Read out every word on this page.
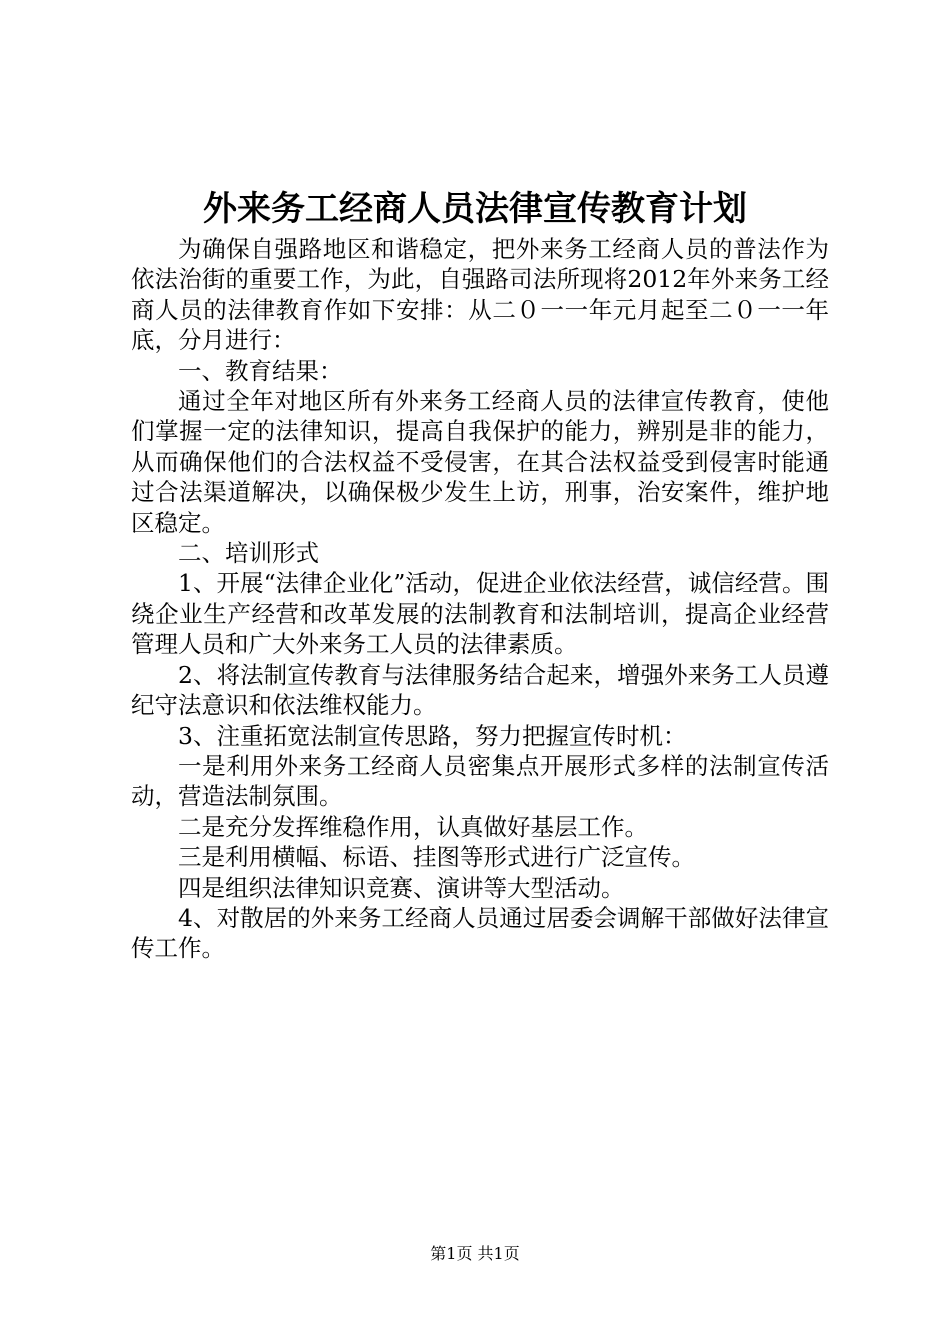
外来务工经商人员法律宣传教育计划

为确保自强路地区和谐稳定，把外来务工经商人员的普法作为依法治街的重要工作，为此，自强路司法所现将2012年外来务工经商人员的法律教育作如下安排：从二０一一年元月起至二０一一年底，分月进行：

一、教育结果：

通过全年对地区所有外来务工经商人员的法律宣传教育，使他们掌握一定的法律知识，提高自我保护的能力，辨别是非的能力，从而确保他们的合法权益不受侵害，在其合法权益受到侵害时能通过合法渠道解决，以确保极少发生上访，刑事，治安案件，维护地区稳定。

二、培训形式

1、开展“法律企业化”活动，促进企业依法经营，诚信经营。围绕企业生产经营和改革发展的法制教育和法制培训，提高企业经营管理人员和广大外来务工人员的法律素质。

2、将法制宣传教育与法律服务结合起来，增强外来务工人员遵纪守法意识和依法维权能力。

3、注重拓宽法制宣传思路，努力把握宣传时机：

一是利用外来务工经商人员密集点开展形式多样的法制宣传活动，营造法制氛围。

二是充分发挥维稳作用，认真做好基层工作。

三是利用横幅、标语、挂图等形式进行广泛宣传。

四是组织法律知识竞赛、演讲等大型活动。

4、对散居的外来务工经商人员通过居委会调解干部做好法律宣传工作。

第1页 共1页
